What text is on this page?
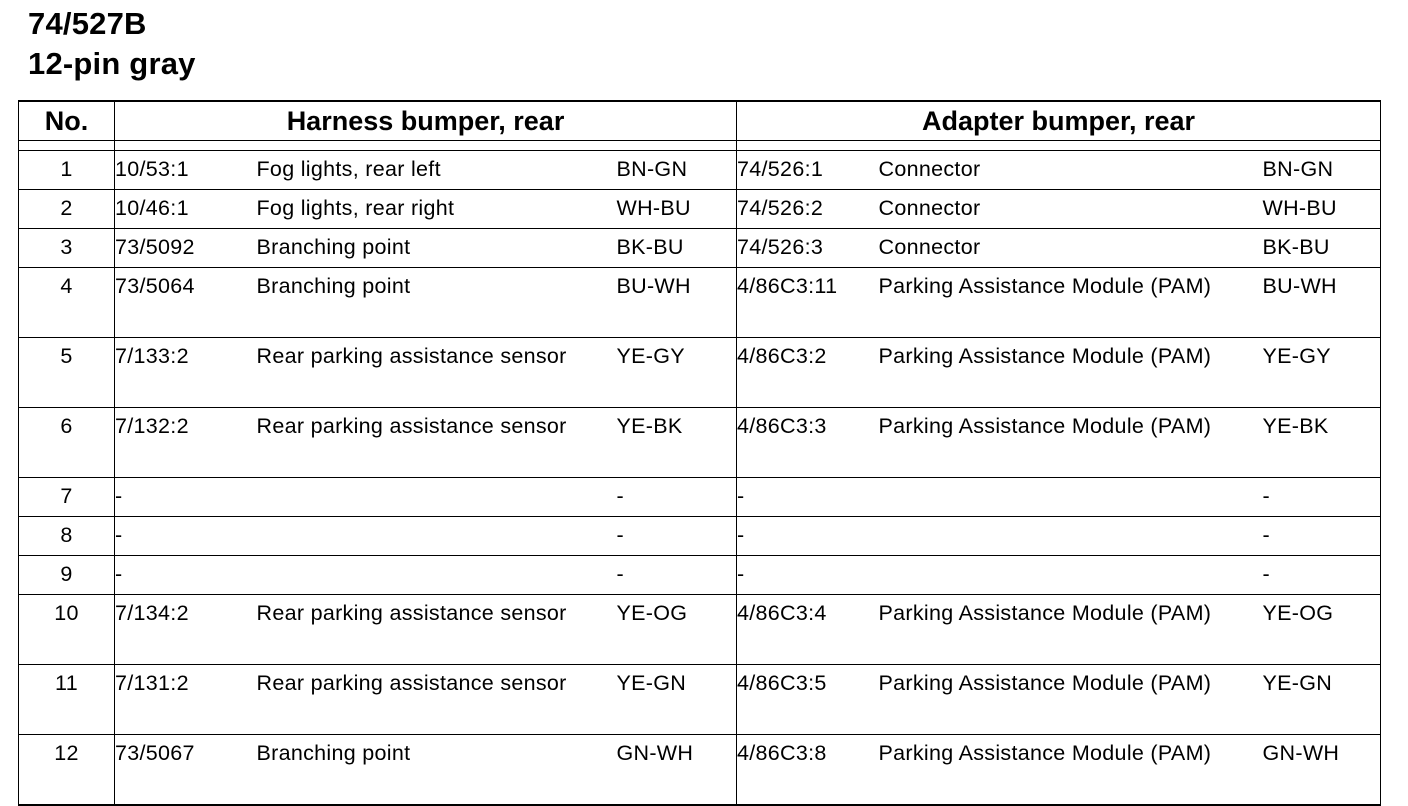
74/527B
12-pin gray
No.	Harness bumper, rear			Adapter bumper, rear		

1	10/53:1	Fog lights, rear left	BN-GN	74/526:1	Connector	BN-GN
2	10/46:1	Fog lights, rear right	WH-BU	74/526:2	Connector	WH-BU
3	73/5092	Branching point	BK-BU	74/526:3	Connector	BK-BU
4	73/5064	Branching point	BU-WH	4/86C3:11	Parking Assistance Module (PAM)	BU-WH
5	7/133:2	Rear parking assistance sensor	YE-GY	4/86C3:2	Parking Assistance Module (PAM)	YE-GY
6	7/132:2	Rear parking assistance sensor	YE-BK	4/86C3:3	Parking Assistance Module (PAM)	YE-BK
7	-		-	-		-
8	-		-	-		-
9	-		-	-		-
10	7/134:2	Rear parking assistance sensor	YE-OG	4/86C3:4	Parking Assistance Module (PAM)	YE-OG
11	7/131:2	Rear parking assistance sensor	YE-GN	4/86C3:5	Parking Assistance Module (PAM)	YE-GN
12	73/5067	Branching point	GN-WH	4/86C3:8	Parking Assistance Module (PAM)	GN-WH
